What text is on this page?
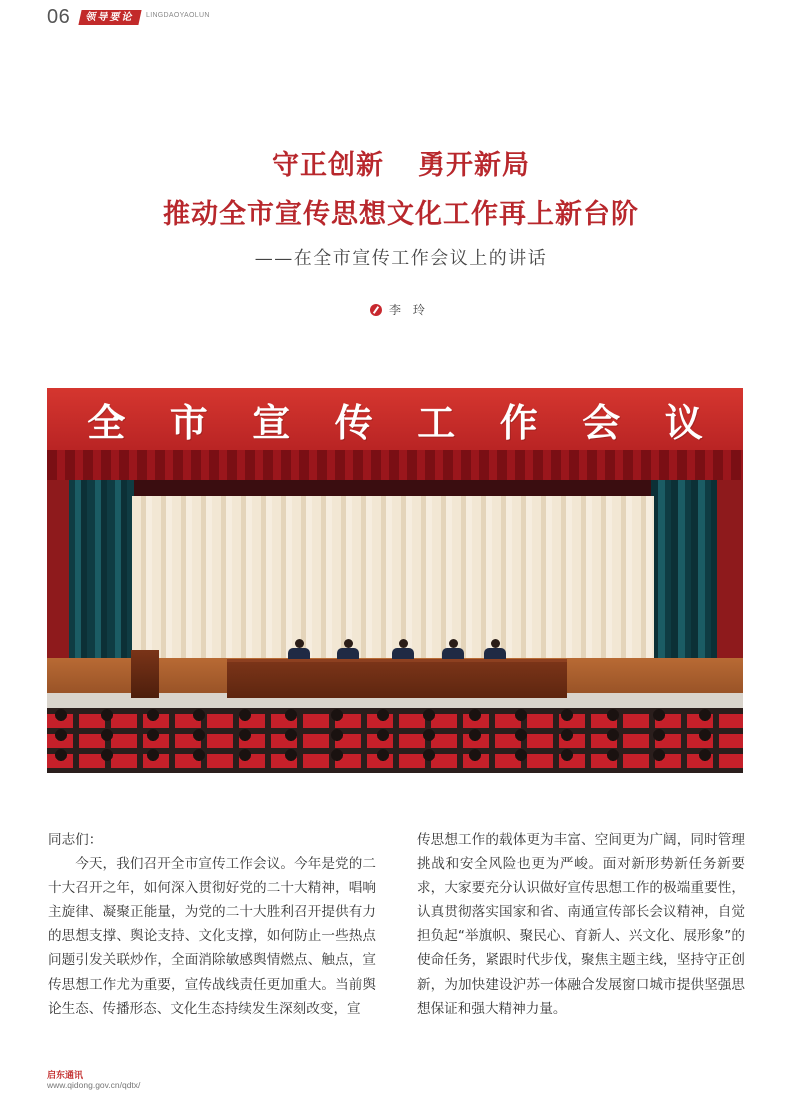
06	领导要论	LINGDAOYAOLUN
守正创新 勇开新局
推动全市宣传思想文化工作再上新台阶
——在全市宣传工作会议上的讲话
李 玲
全 市 宣 传 工 作 会 议

同志们：

今天，我们召开全市宣传工作会议。今年是党的二十大召开之年，如何深入贯彻好党的二十大精神，唱响主旋律、凝聚正能量，为党的二十大胜利召开提供有力的思想支撑、舆论支持、文化支撑，如何防止一些热点问题引发关联炒作，全面消除敏感舆情燃点、触点，宣传思想工作尤为重要，宣传战线责任更加重大。当前舆论生态、传播形态、文化生态持续发生深刻改变，宣

传思想工作的载体更为丰富、空间更为广阔，同时管理挑战和安全风险也更为严峻。面对新形势新任务新要求，大家要充分认识做好宣传思想工作的极端重要性，认真贯彻落实国家和省、南通宣传部长会议精神，自觉担负起“举旗帜、聚民心、育新人、兴文化、展形象”的使命任务，紧跟时代步伐，聚焦主题主线，坚持守正创新，为加快建设沪苏一体融合发展窗口城市提供坚强思想保证和强大精神力量。

启东通讯
www.qidong.gov.cn/qdtx/
